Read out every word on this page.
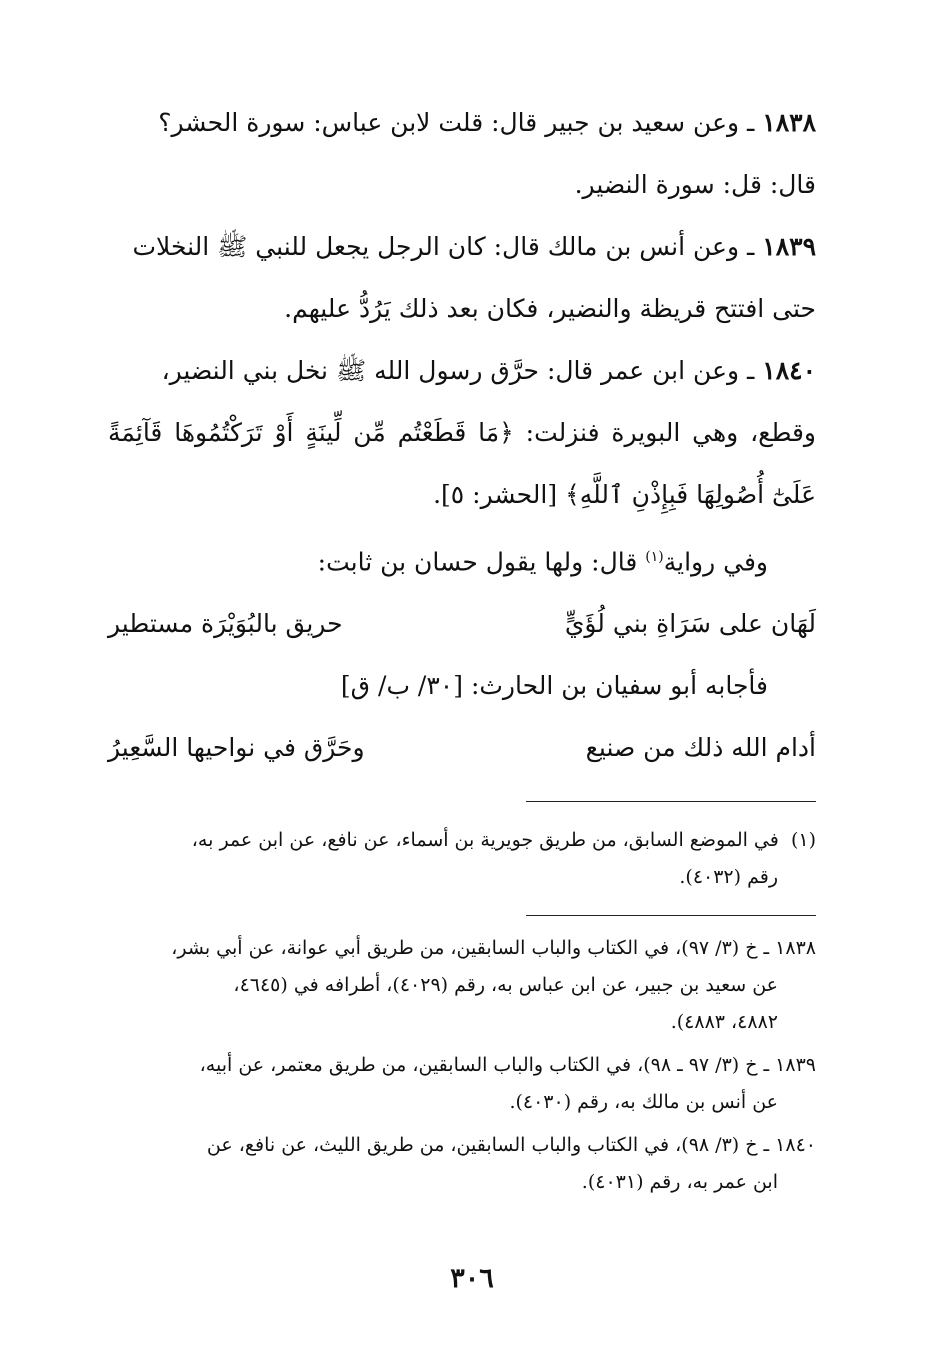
١٨٣٨ ـ وعن سعيد بن جبير قال: قلت لابن عباس: سورة الحشر؟

قال: قل: سورة النضير.

١٨٣٩ ـ وعن أنس بن مالك قال: كان الرجل يجعل للنبي ﷺ النخلات

حتى افتتح قريظة والنضير، فكان بعد ذلك يَرُدُّ عليهم.

١٨٤٠ ـ وعن ابن عمر قال: حرَّق رسول الله ﷺ نخل بني النضير،

وقطع، وهي البويرة فنزلت: ﴿مَا قَطَعْتُم مِّن لِّينَةٍ أَوْ تَرَكْتُمُوهَا قَآئِمَةً عَلَىٰٓ أُصُولِهَا فَبِإِذْنِ ٱللَّهِ﴾ [الحشر: ٥].

وفي رواية$^{(١)}$ قال: ولها يقول حسان بن ثابت:

لَهَان على سَرَاةِ بني لُؤَيٍّ
حريق بالبُوَيْرَة مستطير

فأجابه أبو سفيان بن الحارث: [٣٠/ ب/ ق]

أدام الله ذلك من صنيع
وحَرَّق في نواحيها السَّعِيرُ

(١)  في الموضع السابق، من طريق جويرية بن أسماء، عن نافع، عن ابن عمر به،

رقم (٤٠٣٢).

١٨٣٨ ـ خ (٣/ ٩٧)، في الكتاب والباب السابقين، من طريق أبي عوانة، عن أبي بشر،

عن سعيد بن جبير، عن ابن عباس به، رقم (٤٠٢٩)، أطرافه في (٤٦٤٥،

٤٨٨٢، ٤٨٨٣).

١٨٣٩ ـ خ (٣/ ٩٧ ـ ٩٨)، في الكتاب والباب السابقين، من طريق معتمر، عن أبيه،

عن أنس بن مالك به، رقم (٤٠٣٠).

١٨٤٠ ـ خ (٣/ ٩٨)، في الكتاب والباب السابقين، من طريق الليث، عن نافع، عن

ابن عمر به، رقم (٤٠٣١).

٣٠٦
